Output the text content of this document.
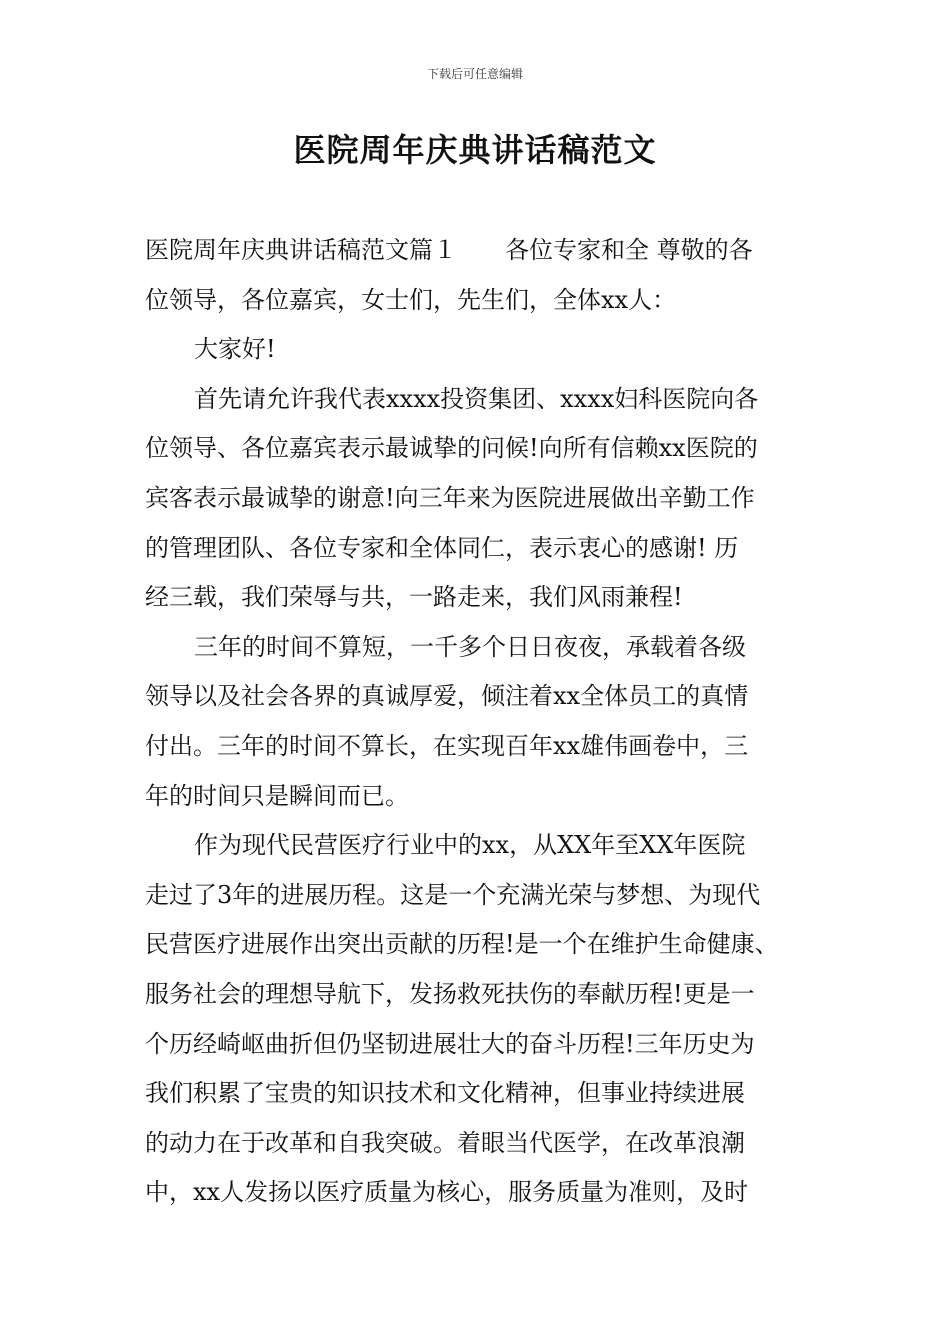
下载后可任意编辑
医院周年庆典讲话稿范文
医院周年庆典讲话稿范文篇１　　各位专家和全 尊敬的各
位领导，各位嘉宾，女士们，先生们，全体xx人：
大家好!
首先请允许我代表xxxx投资集团、xxxx妇科医院向各
位领导、各位嘉宾表示最诚挚的问候!向所有信赖xx医院的
宾客表示最诚挚的谢意!向三年来为医院进展做出辛勤工作
的管理团队、各位专家和全体同仁，表示衷心的感谢! 历
经三载，我们荣辱与共，一路走来，我们风雨兼程!
三年的时间不算短，一千多个日日夜夜，承载着各级
领导以及社会各界的真诚厚爱，倾注着xx全体员工的真情
付出。三年的时间不算长，在实现百年xx雄伟画卷中，三
年的时间只是瞬间而已。
作为现代民营医疗行业中的xx，从XX年至XX年医院
走过了3年的进展历程。这是一个充满光荣与梦想、为现代
民营医疗进展作出突出贡献的历程!是一个在维护生命健康、
服务社会的理想导航下，发扬救死扶伤的奉献历程!更是一
个历经崎岖曲折但仍坚韧进展壮大的奋斗历程!三年历史为
我们积累了宝贵的知识技术和文化精神，但事业持续进展
的动力在于改革和自我突破。着眼当代医学，在改革浪潮
中，xx人发扬以医疗质量为核心，服务质量为准则，及时
